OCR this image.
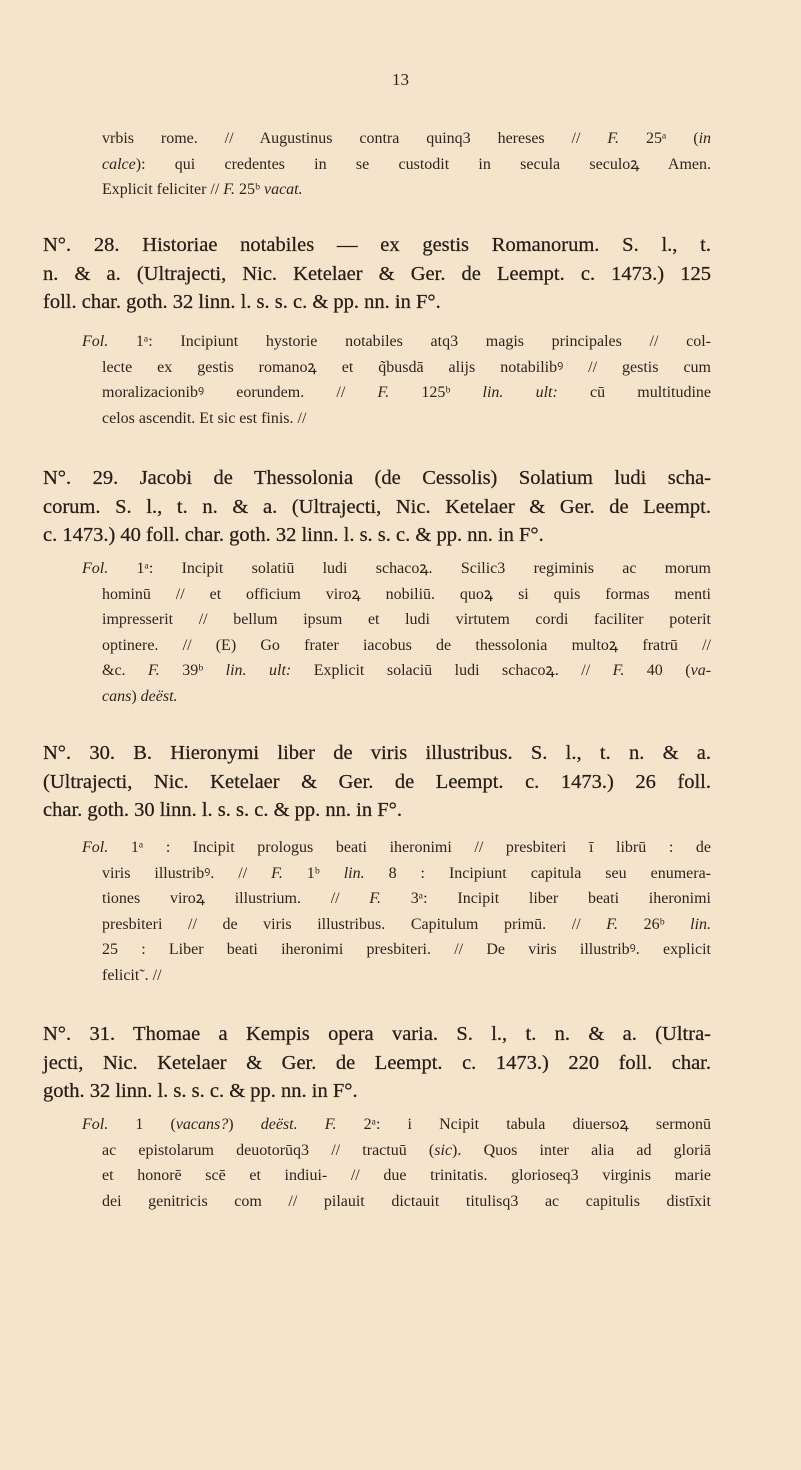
13
vrbis rome. // Augustinus contra quinq3 hereses // F. 25ᵃ (in
calce): qui credentes in se custodit in secula seculoꝝ Amen.
Explicit feliciter // F. 25ᵇ vacat.
N°. 28. Historiae notabiles — ex gestis Romanorum. S. l., t.
n. & a. (Ultrajecti, Nic. Ketelaer & Ger. de Leempt. c. 1473.) 125
foll. char. goth. 32 linn. l. s. s. c. & pp. nn. in F°.
Fol. 1ᵃ: Incipiunt hystorie notabiles atq3 magis principales // col-
lecte ex gestis romanoꝝ et q̃busdā alijs notabilibꝰ // gestis cum
moralizacionibꝰ eorundem. // F. 125ᵇ lin. ult: cū multitudine
celos ascendit. Et sic est finis. //
N°. 29. Jacobi de Thessolonia (de Cessolis) Solatium ludi scha-
corum. S. l., t. n. & a. (Ultrajecti, Nic. Ketelaer & Ger. de Leempt.
c. 1473.) 40 foll. char. goth. 32 linn. l. s. s. c. & pp. nn. in F°.
Fol. 1ᵃ: Incipit solatiū ludi schacoꝝ. Scilic3 regiminis ac morum
hominū // et officium viroꝝ nobiliū. quoꝝ si quis formas menti
impresserit // bellum ipsum et ludi virtutem cordi faciliter poterit
optinere. // (E) Go frater iacobus de thessolonia multoꝝ fratrū //
&c. F. 39ᵇ lin. ult: Explicit solaciū ludi schacoꝝ. // F. 40 (va-
cans) deëst.
N°. 30. B. Hieronymi liber de viris illustribus. S. l., t. n. & a.
(Ultrajecti, Nic. Ketelaer & Ger. de Leempt. c. 1473.) 26 foll.
char. goth. 30 linn. l. s. s. c. & pp. nn. in F°.
Fol. 1ᵃ : Incipit prologus beati iheronimi // presbiteri ī librū : de
viris illustribꝰ. // F. 1ᵇ lin. 8 : Incipiunt capitula seu enumera-
tiones viroꝝ illustrium. // F. 3ᵃ: Incipit liber beati iheronimi
presbiteri // de viris illustribus. Capitulum primū. // F. 26ᵇ lin.
25 : Liber beati iheronimi presbiteri. // De viris illustribꝰ. explicit
felicit˜. //
N°. 31. Thomae a Kempis opera varia. S. l., t. n. & a. (Ultra-
jecti, Nic. Ketelaer & Ger. de Leempt. c. 1473.) 220 foll. char.
goth. 32 linn. l. s. s. c. & pp. nn. in F°.
Fol. 1 (vacans?) deëst. F. 2ᵃ: i Ncipit tabula diuersoꝝ sermonū
ac epistolarum deuotorūq3 // tractuū (sic). Quos inter alia ad gloriā
et honorē scē et indiui- // due trinitatis. glorioseq3 virginis marie
dei genitricis com // pilauit dictauit titulisq3 ac capitulis distīxit
